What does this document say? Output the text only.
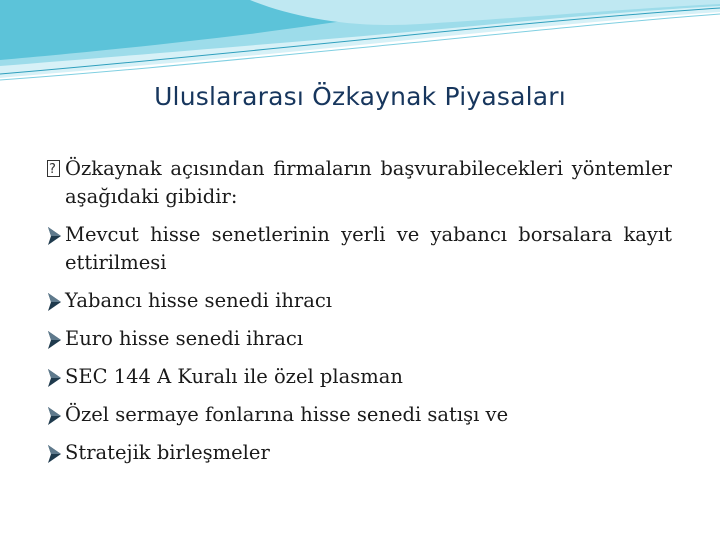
Uluslararası Özkaynak Piyasaları
?
Özkaynak açısından firmaların başvurabilecekleri yöntemler aşağıdaki gibidir:
Mevcut hisse senetlerinin yerli ve yabancı borsalara kayıt ettirilmesi
Yabancı hisse senedi ihracı
Euro hisse senedi ihracı
SEC 144 A Kuralı ile özel plasman
Özel sermaye fonlarına hisse senedi satışı ve
Stratejik birleşmeler
